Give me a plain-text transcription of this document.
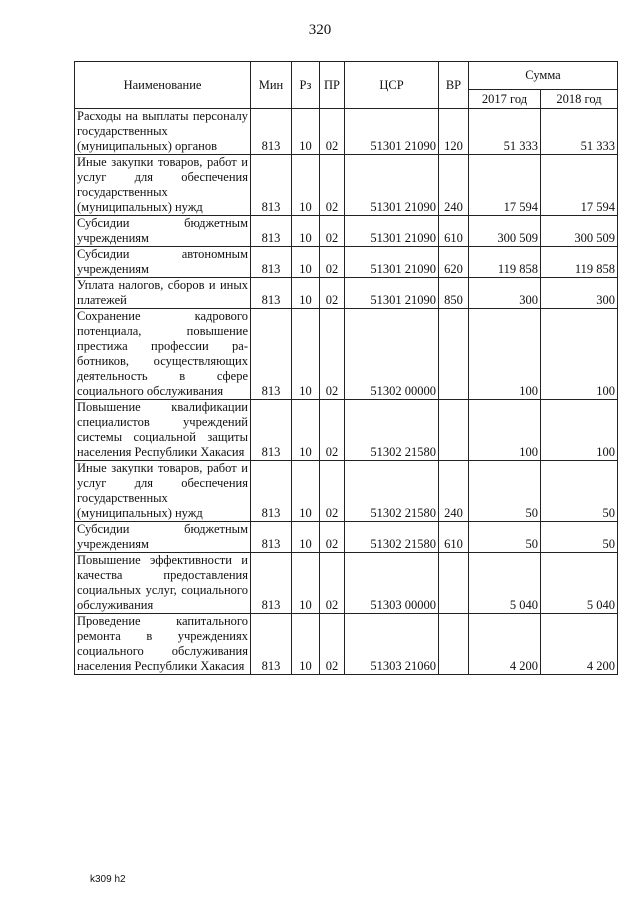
320
Наименование	Мин	Рз	ПР	ЦСР	ВР	Сумма	
						2017 год	2018 год
Расходы на выплаты персоналу государственных (муниципальных) органов	813	10	02	51301 21090	120	51 333	51 333
Иные закупки товаров, работ и услуг для обеспечения государственных (муниципальных) нужд	813	10	02	51301 21090	240	17 594	17 594
Субсидии бюджетным учреждениям	813	10	02	51301 21090	610	300 509	300 509
Субсидии автономным учреждениям	813	10	02	51301 21090	620	119 858	119 858
Уплата налогов, сборов и иных платежей	813	10	02	51301 21090	850	300	300
Сохранение кадрового потенциала, повышение престижа профессии работников, осуществляющих деятельность в сфере социального обслуживания	813	10	02	51302 00000		100	100
Повышение квалификации специалистов учреждений системы социальной защиты населения Республики Хакасия	813	10	02	51302 21580		100	100
Иные закупки товаров, работ и услуг для обеспечения государственных (муниципальных) нужд	813	10	02	51302 21580	240	50	50
Субсидии бюджетным учреждениям	813	10	02	51302 21580	610	50	50
Повышение эффективности и качества предоставления социальных услуг, социального обслуживания	813	10	02	51303 00000		5 040	5 040
Проведение капитального ремонта в учреждениях социального обслуживания населения Республики Хакасия	813	10	02	51303 21060		4 200	4 200
k309 h2
